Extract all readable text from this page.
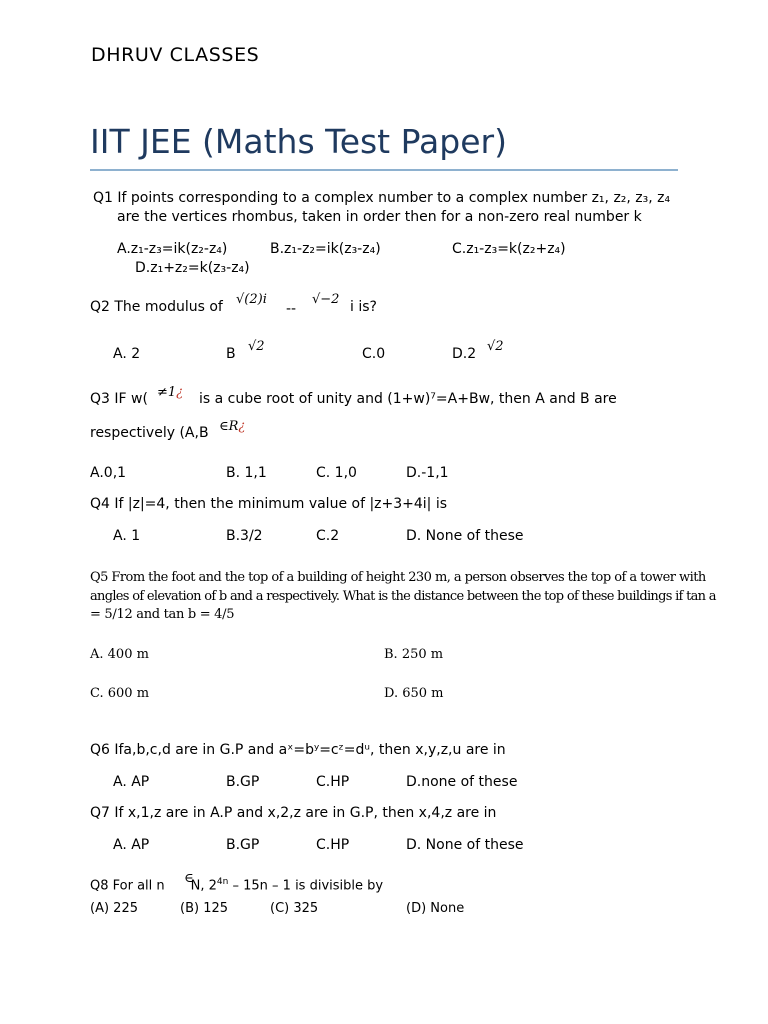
DHRUV CLASSES
IIT JEE (Maths Test Paper)
Q1 If points corresponding to a complex number to a complex number z₁, z₂, z₃, z₄
are the vertices rhombus, taken in order then for a non-zero real number k
A.z₁-z₃=ik(z₂-z₄)	B.z₁-z₂=ik(z₃-z₄)	C.z₁-z₃=k(z₂+z₄)
D.z₁+z₂=k(z₃-z₄)
Q2 The modulus of √(2)i
--
√−2 i is?
A. 2	B √2	C.0	D.2 √2
Q3 IF w( ≠1¿ is a cube root of unity and (1+w)⁷=A+Bw, then A and B are
respectively (A,B ∈R¿
A.0,1	B. 1,1	C. 1,0	D.-1,1
Q4 If |z|=4, then the minimum value of |z+3+4i| is
A. 1	B.3/2	C.2	D. None of these
Q5 From the foot and the top of a building of height 230 m, a person observes the top of a tower with
angles of elevation of b and a respectively. What is the distance between the top of these buildings if tan a
= 5/12 and tan b = 4/5
A. 400 m	B. 250 m
C. 600 m	D. 650 m
Q6 Ifa,b,c,d are in G.P and aˣ=bʸ=cᶻ=dᵘ, then x,y,z,u are in
A. AP	B.GP	C.HP	D.none of these
Q7 If x,1,z are in A.P and x,2,z are in G.P, then x,4,z are in
A. AP	B.GP	C.HP	D. None of these
Q8 For all n N, $2^{4n} - 15n - 1$ is divisible by
∈
(A) 225	(B) 125	(C) 325	(D) None
